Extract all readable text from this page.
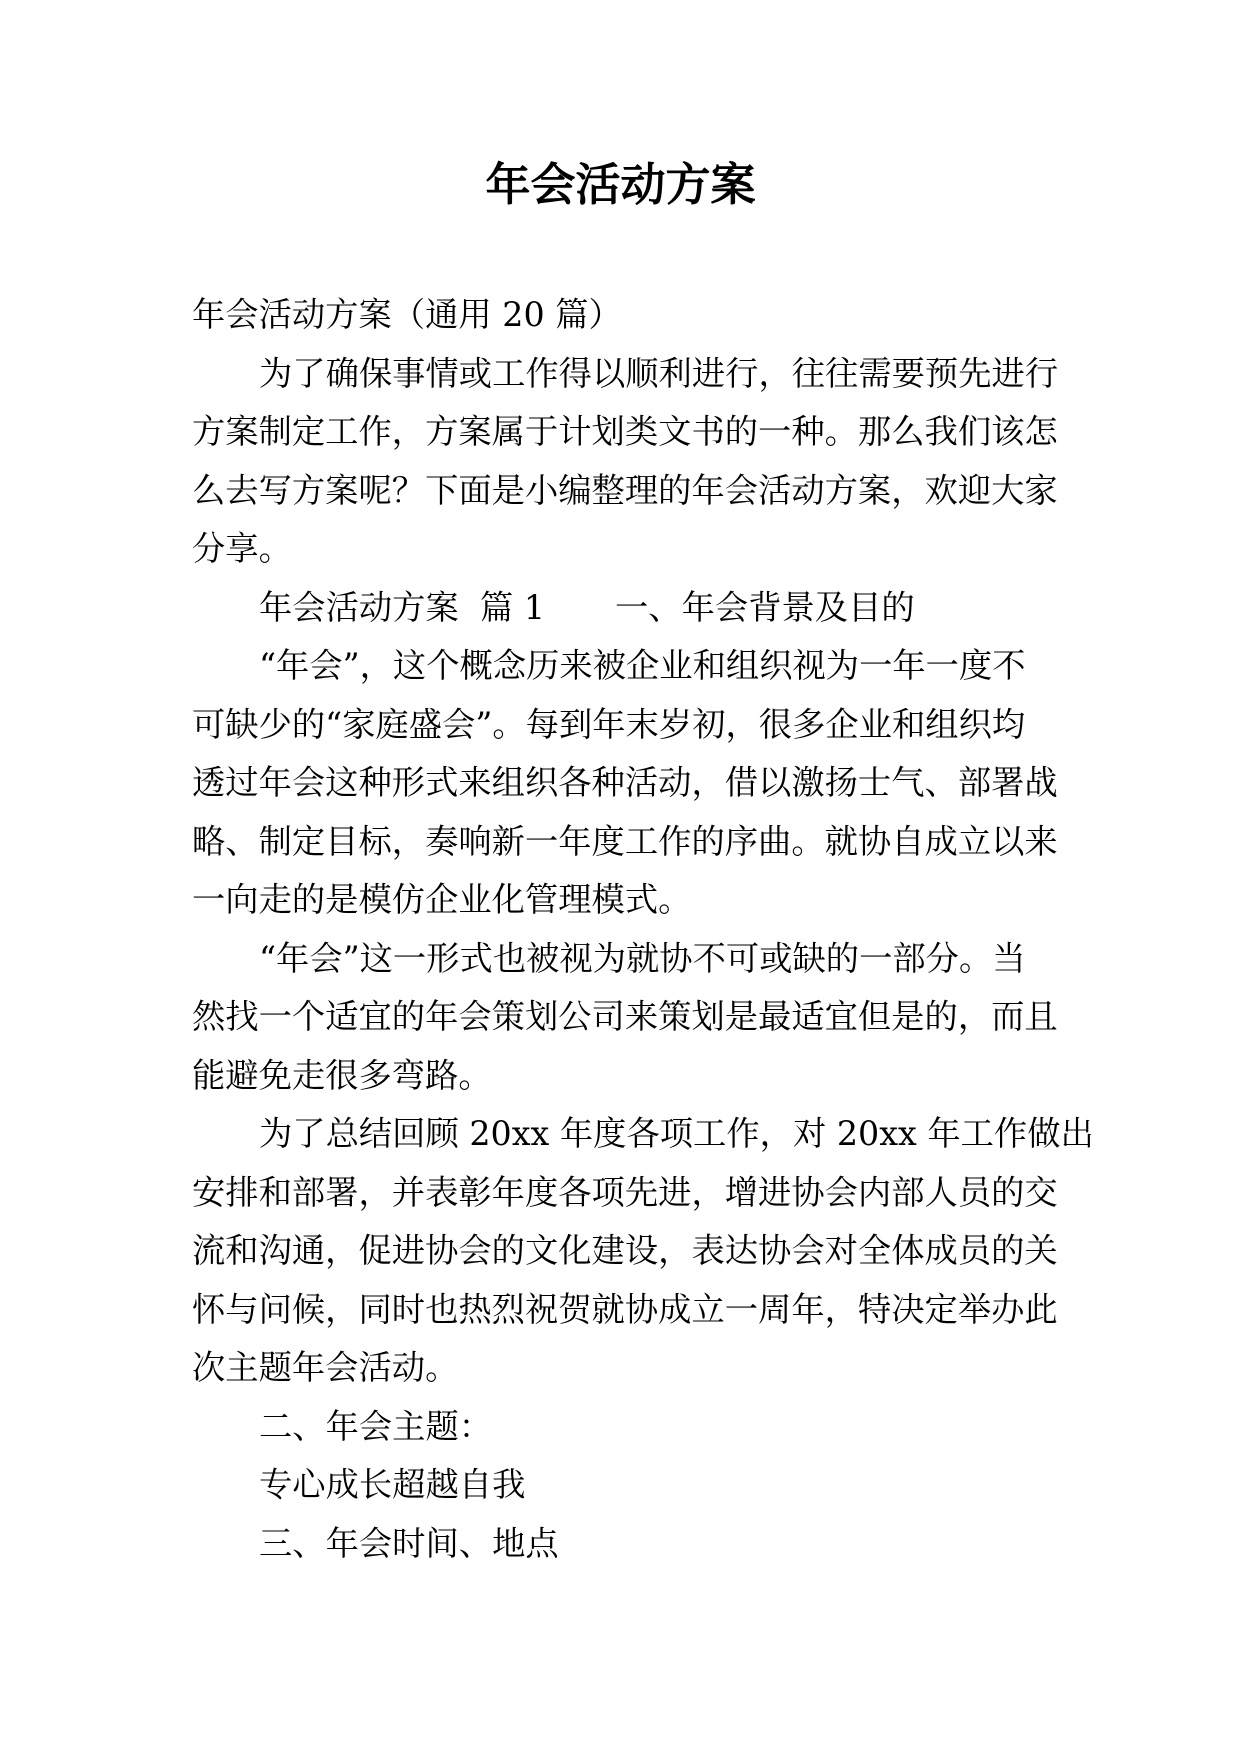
年会活动方案
年会活动方案（通用 20 篇）
为了确保事情或工作得以顺利进行，往往需要预先进行
方案制定工作，方案属于计划类文书的一种。那么我们该怎
么去写方案呢？下面是小编整理的年会活动方案，欢迎大家
分享。
年会活动方案  篇 1 一、年会背景及目的
“年会”，这个概念历来被企业和组织视为一年一度不
可缺少的“家庭盛会”。每到年末岁初，很多企业和组织均
透过年会这种形式来组织各种活动，借以激扬士气、部署战
略、制定目标，奏响新一年度工作的序曲。就协自成立以来
一向走的是模仿企业化管理模式。
“年会”这一形式也被视为就协不可或缺的一部分。当
然找一个适宜的年会策划公司来策划是最适宜但是的，而且
能避免走很多弯路。
为了总结回顾 20xx 年度各项工作，对 20xx 年工作做出
安排和部署，并表彰年度各项先进，增进协会内部人员的交
流和沟通，促进协会的文化建设，表达协会对全体成员的关
怀与问候，同时也热烈祝贺就协成立一周年，特决定举办此
次主题年会活动。
二、年会主题：
专心成长超越自我
三、年会时间、地点
